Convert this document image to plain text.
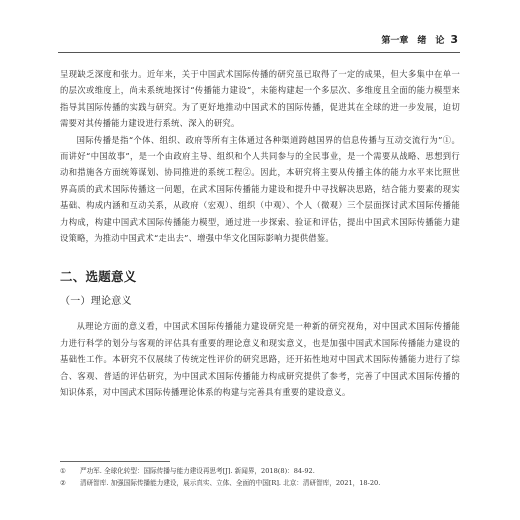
第一章　绪　论 3

呈现缺乏深度和张力。近年来，关于中国武术国际传播的研究虽已取得了一定的成果，但大多集中在单一的层次或维度上，尚未系统地探讨“传播能力建设”，未能构建起一个多层次、多维度且全面的能力模型来指导其国际传播的实践与研究。为了更好地推动中国武术的国际传播，促进其在全球的进一步发展，迫切需要对其传播能力建设进行系统、深入的研究。

国际传播是指“个体、组织、政府等所有主体通过各种渠道跨越国界的信息传播与互动交流行为”①。而讲好“中国故事”，是一个由政府主导、组织和个人共同参与的全民事业，是一个需要从战略、思想到行动和措施各方面统筹谋划、协同推进的系统工程②。因此，本研究将主要从传播主体的能力水平来比照世界高质的武术国际传播这一问题，在武术国际传播能力建设和提升中寻找解决思路，结合能力要素的现实基础、构成内涵和互动关系，从政府（宏观）、组织（中观）、个人（微观）三个层面探讨武术国际传播能力构成，构建中国武术国际传播能力模型，通过进一步探索、验证和评估，提出中国武术国际传播能力建设策略，为推动中国武术“走出去”、增强中华文化国际影响力提供借鉴。

二、选题意义
（一）理论意义

从理论方面的意义看，中国武术国际传播能力建设研究是一种新的研究视角，对中国武术国际传播能力进行科学的划分与客观的评估具有重要的理论意义和现实意义，也是加强中国武术国际传播能力建设的基础性工作。本研究不仅展续了传统定性评价的研究思路，还开拓性地对中国武术国际传播能力进行了综合、客观、普适的评估研究，为中国武术国际传播能力构成研究提供了参考，完善了中国武术国际传播的知识体系，对中国武术国际传播理论体系的构建与完善具有重要的建设意义。

①	严功军. 全球化转型：国际传播与能力建设再思考[J]. 新闻界，2018(8)：84-92.
②	清研智库. 加强国际传播能力建设，展示真实、立体、全面的中国[R]. 北京：清研智库，2021，18-20.
